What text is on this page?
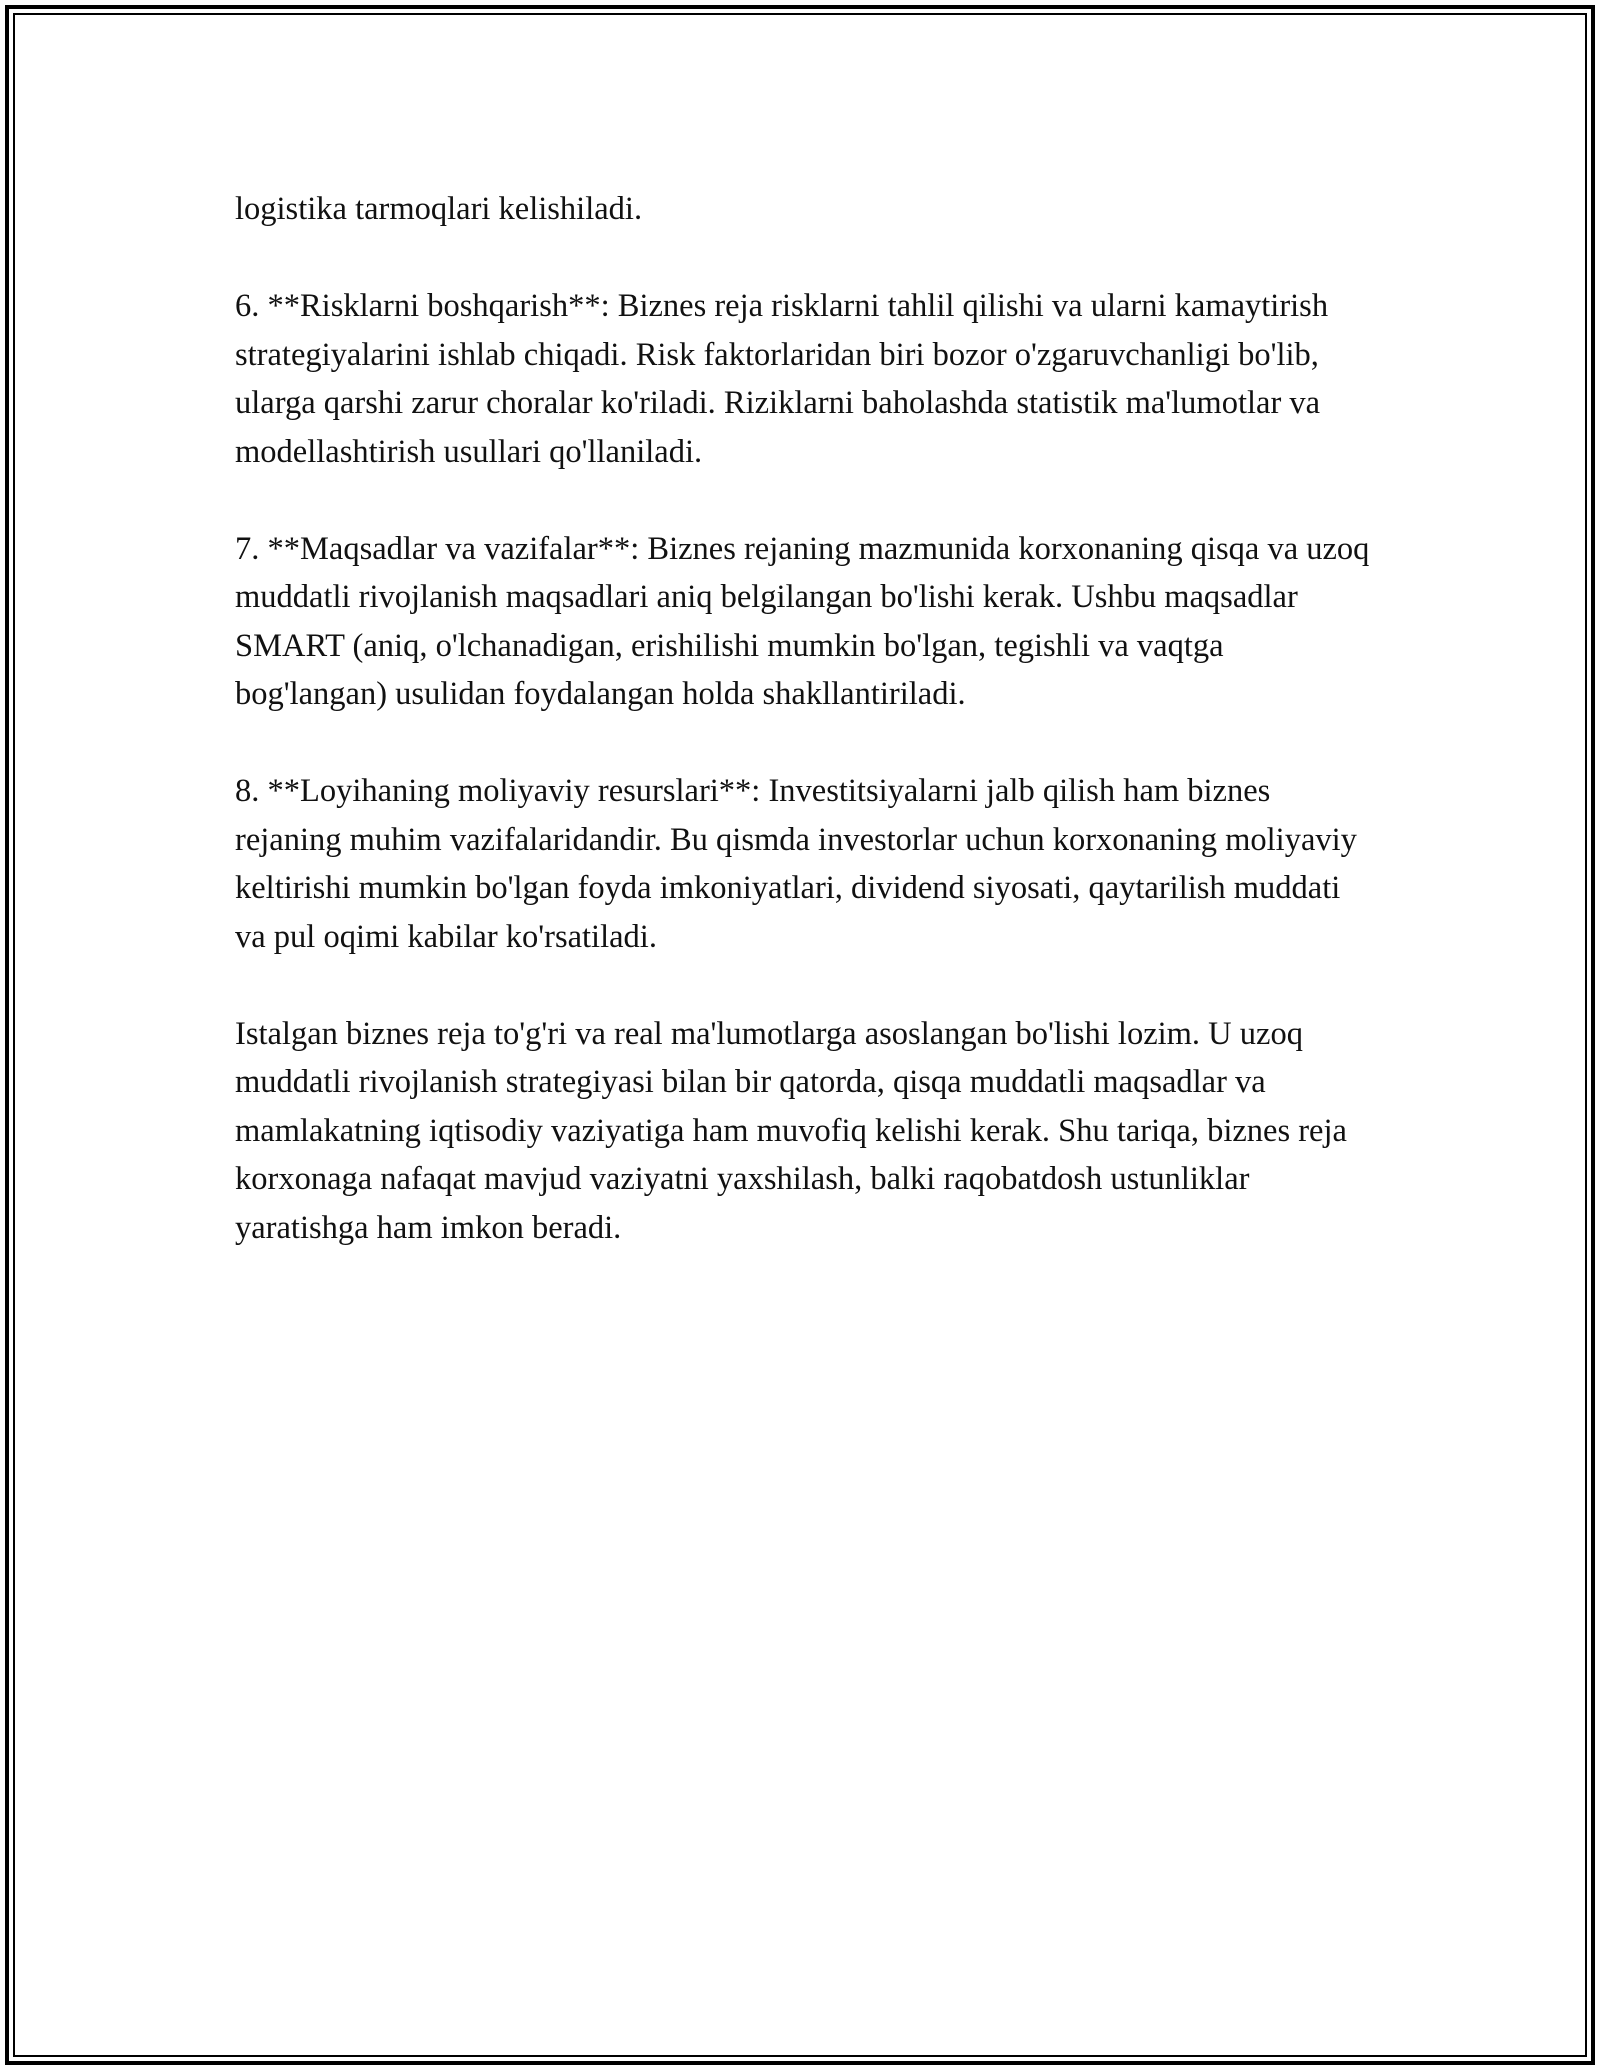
logistika tarmoqlari kelishiladi.

6. **Risklarni boshqarish**: Biznes reja risklarni tahlil qilishi va ularni kamaytirish strategiyalarini ishlab chiqadi. Risk faktorlaridan biri bozor o'zgaruvchanligi bo'lib, ularga qarshi zarur choralar ko'riladi. Riziklarni baholashda statistik ma'lumotlar va modellashtirish usullari qo'llaniladi.

7. **Maqsadlar va vazifalar**: Biznes rejaning mazmunida korxonaning qisqa va uzoq muddatli rivojlanish maqsadlari aniq belgilangan bo'lishi kerak. Ushbu maqsadlar SMART (aniq, o'lchanadigan, erishilishi mumkin bo'lgan, tegishli va vaqtga bog'langan) usulidan foydalangan holda shakllantiriladi.

8. **Loyihaning moliyaviy resurslari**: Investitsiyalarni jalb qilish ham biznes rejaning muhim vazifalaridandir. Bu qismda investorlar uchun korxonaning moliyaviy keltirishi mumkin bo'lgan foyda imkoniyatlari, dividend siyosati, qaytarilish muddati va pul oqimi kabilar ko'rsatiladi.

Istalgan biznes reja to'g'ri va real ma'lumotlarga asoslangan bo'lishi lozim. U uzoq muddatli rivojlanish strategiyasi bilan bir qatorda, qisqa muddatli maqsadlar va mamlakatning iqtisodiy vaziyatiga ham muvofiq kelishi kerak. Shu tariqa, biznes reja korxonaga nafaqat mavjud vaziyatni yaxshilash, balki raqobatdosh ustunliklar yaratishga ham imkon beradi.
